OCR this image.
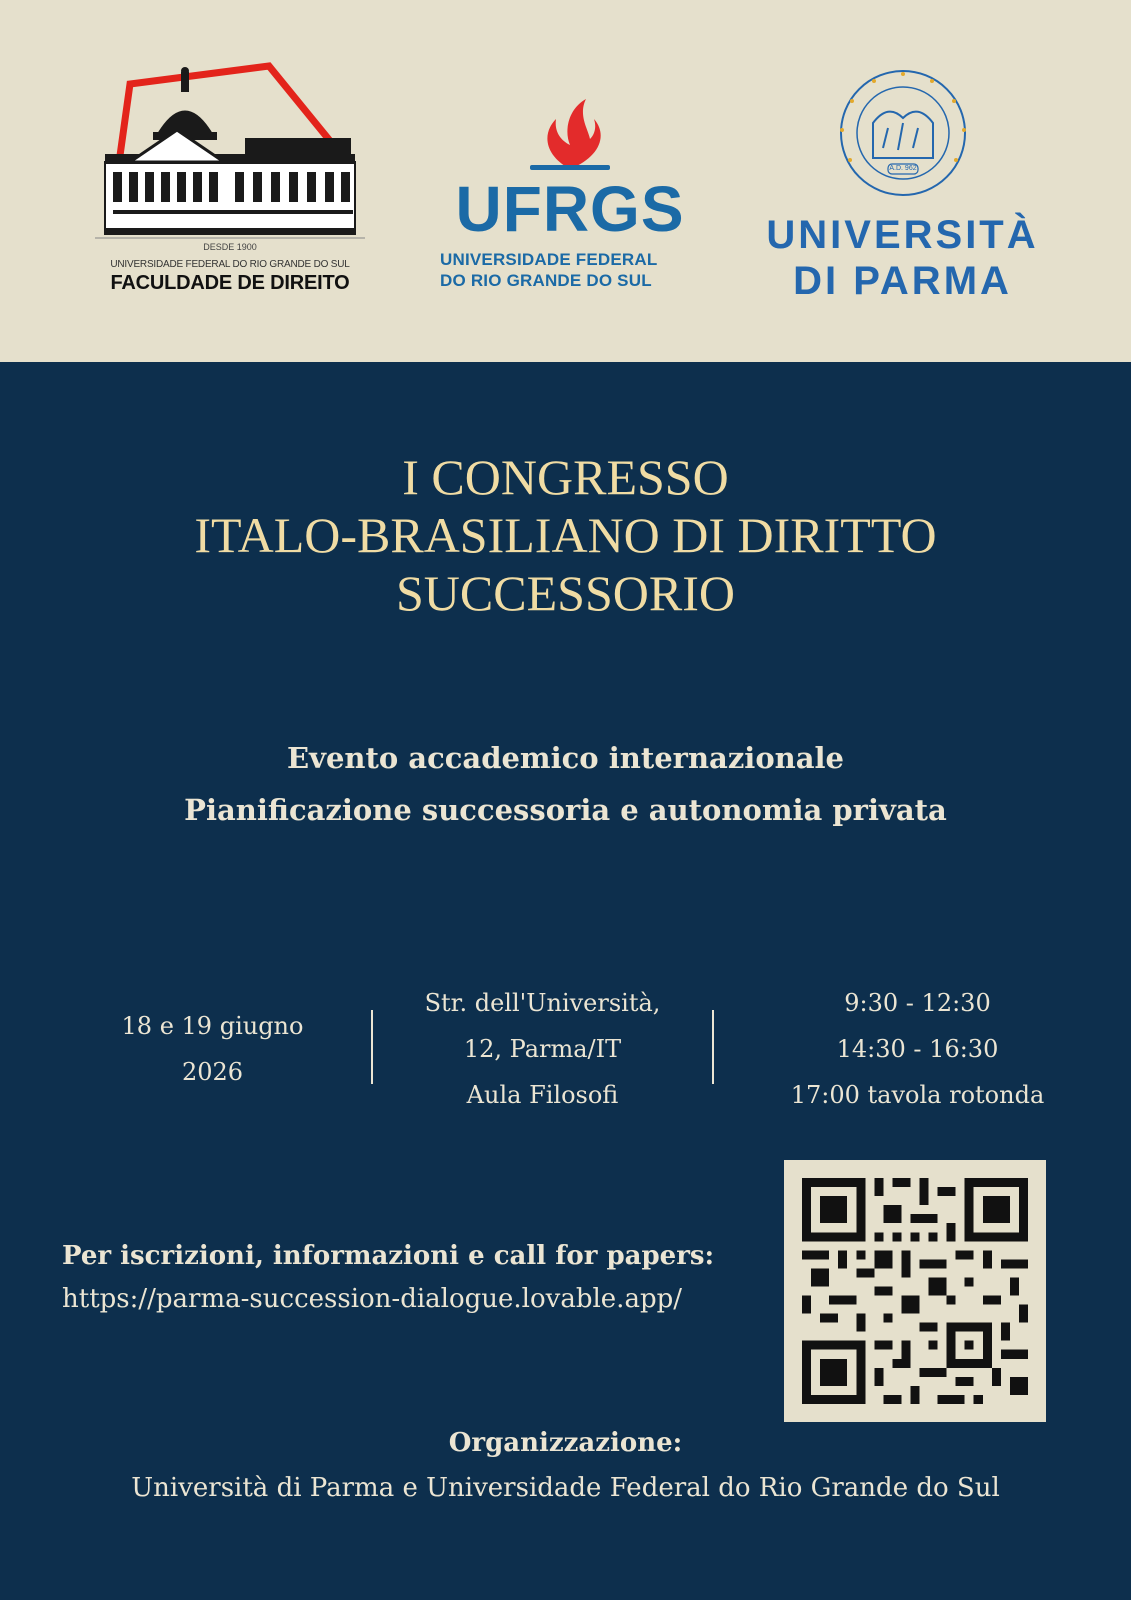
DESDE 1900
UNIVERSIDADE FEDERAL DO RIO GRANDE DO SUL
FACULDADE DE DIREITO
UFRGS
UNIVERSIDADE FEDERAL
DO RIO GRANDE DO SUL
A.D. 962
UNIVERSITÀ
DI PARMA
I CONGRESSO
ITALO-BRASILIANO DI DIRITTO
SUCCESSORIO
Evento accademico internazionale
Pianificazione successoria e autonomia privata
18 e 19 giugno
2026
Str. dell'Università,
12, Parma/IT
Aula Filosofi
9:30 - 12:30
14:30 - 16:30
17:00 tavola rotonda
Per iscrizioni, informazioni e call for papers:
https://parma-succession-dialogue.lovable.app/
Organizzazione:
Università di Parma e Universidade Federal do Rio Grande do Sul
